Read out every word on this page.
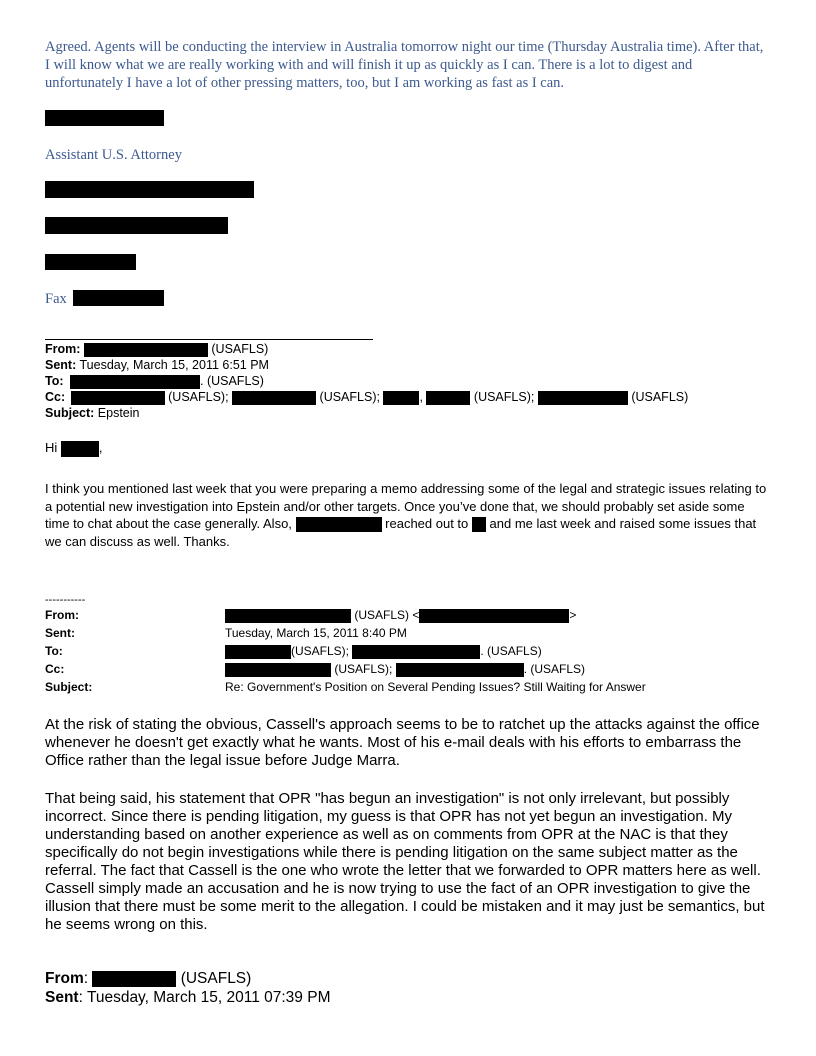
Agreed. Agents will be conducting the interview in Australia tomorrow night our time (Thursday Australia time). After that, I will know what we are really working with and will finish it up as quickly as I can. There is a lot to digest and unfortunately I have a lot of other pressing matters, too, but I am working as fast as I can.
Assistant U.S. Attorney
Fax
From:	(USAFLS)
Sent: Tuesday, March 15, 2011 6:51 PM
To:	. (USAFLS)
Cc:	(USAFLS);	(USAFLS);	,	(USAFLS);	(USAFLS)
Subject: Epstein
Hi	,
I think you mentioned last week that you were preparing a memo addressing some of the legal and strategic issues relating to a potential new investigation into Epstein and/or other targets. Once you’ve done that, we should probably set aside some time to chat about the case generally. Also,	reached out to and me last week and raised some issues that we can discuss as well. Thanks.
-----------
From:	(USAFLS) <	>
Sent:	Tuesday, March 15, 2011 8:40 PM
To:	(USAFLS);	. (USAFLS)
Cc:	(USAFLS);	. (USAFLS)
Subject:	Re: Government's Position on Several Pending Issues? Still Waiting for Answer
At the risk of stating the obvious, Cassell's approach seems to be to ratchet up the attacks against the office whenever he doesn't get exactly what he wants. Most of his e-mail deals with his efforts to embarrass the Office rather than the legal issue before Judge Marra.
That being said, his statement that OPR "has begun an investigation" is not only irrelevant, but possibly incorrect. Since there is pending litigation, my guess is that OPR has not yet begun an investigation. My understanding based on another experience as well as on comments from OPR at the NAC is that they specifically do not begin investigations while there is pending litigation on the same subject matter as the referral. The fact that Cassell is the one who wrote the letter that we forwarded to OPR matters here as well. Cassell simply made an accusation and he is now trying to use the fact of an OPR investigation to give the illusion that there must be some merit to the allegation. I could be mistaken and it may just be semantics, but he seems wrong on this.
From:	(USAFLS)
Sent: Tuesday, March 15, 2011 07:39 PM
